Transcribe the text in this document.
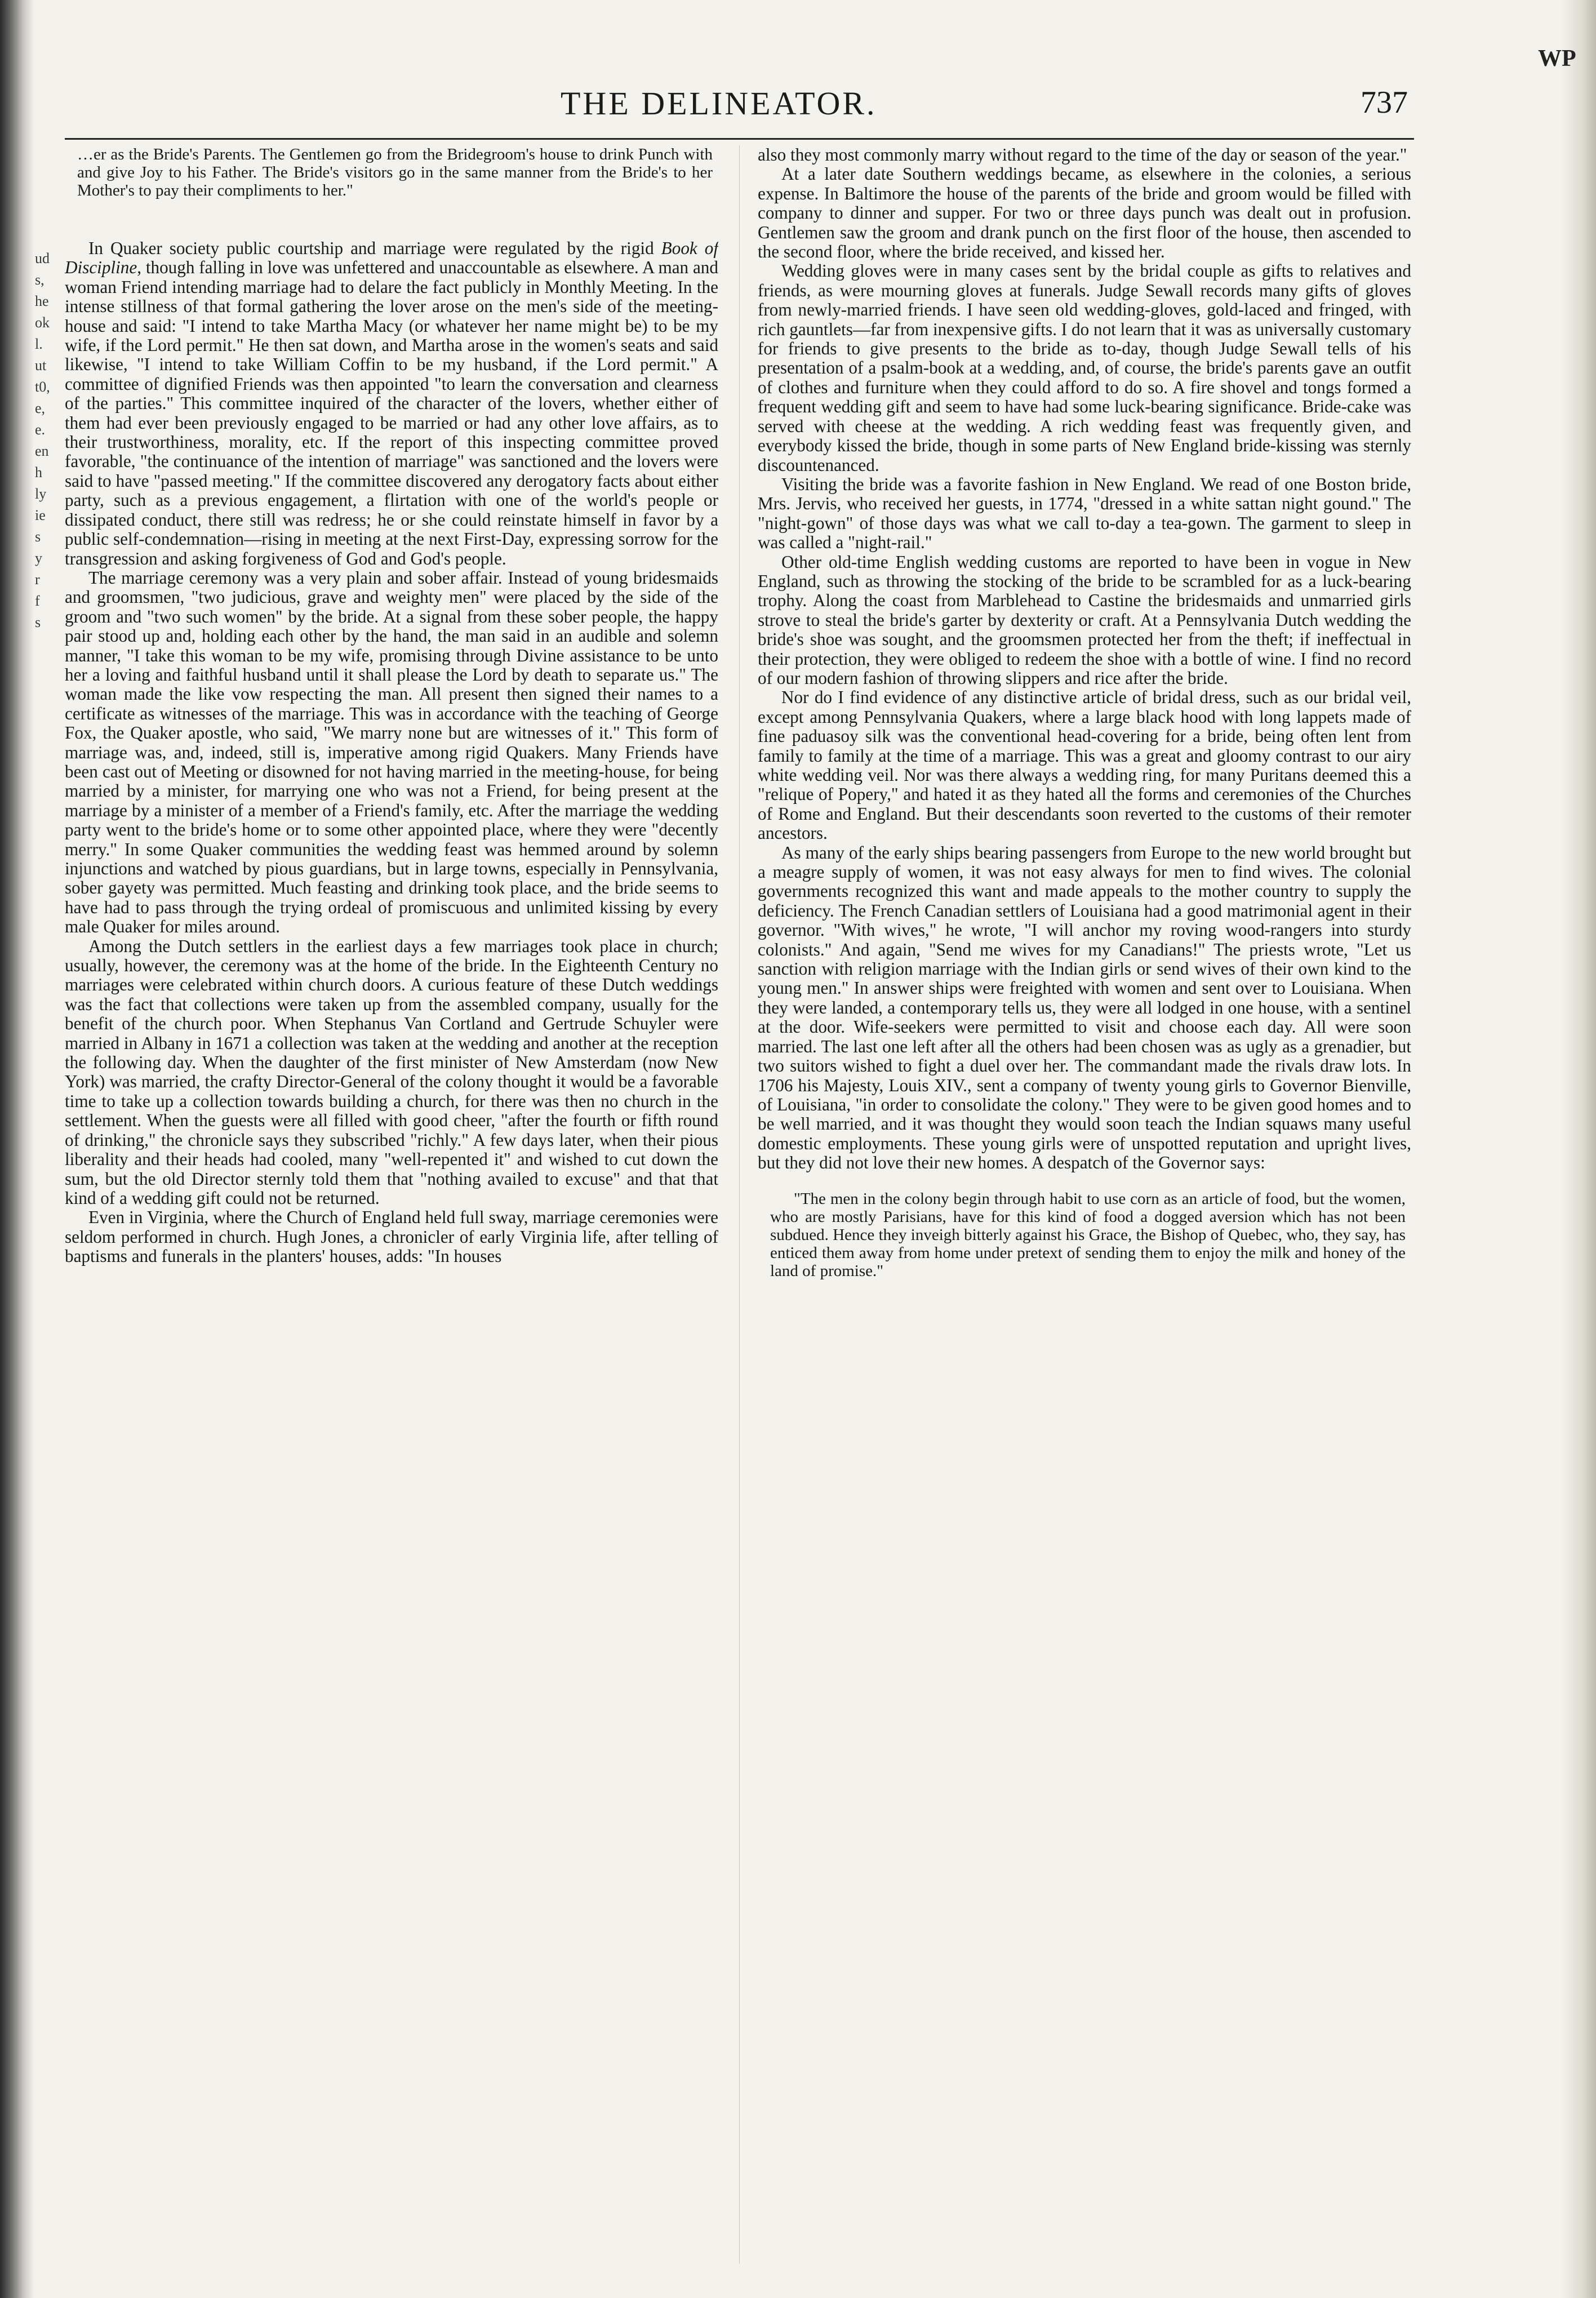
ud
s,
he
ok
l.
ut
t0,
e,
e.
en
h
ly
ie
s
y
r
f
s
WP
THE DELINEATOR.	737

…er as the Bride's Parents. The Gentlemen go from the Bridegroom's house to drink Punch with and give Joy to his Father. The Bride's visitors go in the same manner from the Bride's to her Mother's to pay their compliments to her."

In Quaker society public courtship and marriage were regulated by the rigid Book of Discipline, though falling in love was unfettered and unaccountable as elsewhere. A man and woman Friend intending marriage had to delare the fact publicly in Monthly Meeting. In the intense stillness of that formal gathering the lover arose on the men's side of the meeting-house and said: "I intend to take Martha Macy (or whatever her name might be) to be my wife, if the Lord permit." He then sat down, and Martha arose in the women's seats and said likewise, "I intend to take William Coffin to be my husband, if the Lord permit." A committee of dignified Friends was then appointed "to learn the conversation and clearness of the parties." This committee inquired of the character of the lovers, whether either of them had ever been previously engaged to be married or had any other love affairs, as to their trustworthiness, morality, etc. If the report of this inspecting committee proved favorable, "the continuance of the intention of marriage" was sanctioned and the lovers were said to have "passed meeting." If the committee discovered any derogatory facts about either party, such as a previous engagement, a flirtation with one of the world's people or dissipated conduct, there still was redress; he or she could reinstate himself in favor by a public self-condemnation—rising in meeting at the next First-Day, expressing sorrow for the transgression and asking forgiveness of God and God's people.

The marriage ceremony was a very plain and sober affair. Instead of young bridesmaids and groomsmen, "two judicious, grave and weighty men" were placed by the side of the groom and "two such women" by the bride. At a signal from these sober people, the happy pair stood up and, holding each other by the hand, the man said in an audible and solemn manner, "I take this woman to be my wife, promising through Divine assistance to be unto her a loving and faithful husband until it shall please the Lord by death to separate us." The woman made the like vow respecting the man. All present then signed their names to a certificate as witnesses of the marriage. This was in accordance with the teaching of George Fox, the Quaker apostle, who said, "We marry none but are witnesses of it." This form of marriage was, and, indeed, still is, imperative among rigid Quakers. Many Friends have been cast out of Meeting or disowned for not having married in the meeting-house, for being married by a minister, for marrying one who was not a Friend, for being present at the marriage by a minister of a member of a Friend's family, etc. After the marriage the wedding party went to the bride's home or to some other appointed place, where they were "decently merry." In some Quaker communities the wedding feast was hemmed around by solemn injunctions and watched by pious guardians, but in large towns, especially in Pennsylvania, sober gayety was permitted. Much feasting and drinking took place, and the bride seems to have had to pass through the trying ordeal of promiscuous and unlimited kissing by every male Quaker for miles around.

Among the Dutch settlers in the earliest days a few marriages took place in church; usually, however, the ceremony was at the home of the bride. In the Eighteenth Century no marriages were celebrated within church doors. A curious feature of these Dutch weddings was the fact that collections were taken up from the assembled company, usually for the benefit of the church poor. When Stephanus Van Cortland and Gertrude Schuyler were married in Albany in 1671 a collection was taken at the wedding and another at the reception the following day. When the daughter of the first minister of New Amsterdam (now New York) was married, the crafty Director-General of the colony thought it would be a favorable time to take up a collection towards building a church, for there was then no church in the settlement. When the guests were all filled with good cheer, "after the fourth or fifth round of drinking," the chronicle says they subscribed "richly." A few days later, when their pious liberality and their heads had cooled, many "well-repented it" and wished to cut down the sum, but the old Director sternly told them that "nothing availed to excuse" and that that kind of a wedding gift could not be returned.

Even in Virginia, where the Church of England held full sway, marriage ceremonies were seldom performed in church. Hugh Jones, a chronicler of early Virginia life, after telling of baptisms and funerals in the planters' houses, adds: "In houses

also they most commonly marry without regard to the time of the day or season of the year."

At a later date Southern weddings became, as elsewhere in the colonies, a serious expense. In Baltimore the house of the parents of the bride and groom would be filled with company to dinner and supper. For two or three days punch was dealt out in profusion. Gentlemen saw the groom and drank punch on the first floor of the house, then ascended to the second floor, where the bride received, and kissed her.

Wedding gloves were in many cases sent by the bridal couple as gifts to relatives and friends, as were mourning gloves at funerals. Judge Sewall records many gifts of gloves from newly-married friends. I have seen old wedding-gloves, gold-laced and fringed, with rich gauntlets—far from inexpensive gifts. I do not learn that it was as universally customary for friends to give presents to the bride as to-day, though Judge Sewall tells of his presentation of a psalm-book at a wedding, and, of course, the bride's parents gave an outfit of clothes and furniture when they could afford to do so. A fire shovel and tongs formed a frequent wedding gift and seem to have had some luck-bearing significance. Bride-cake was served with cheese at the wedding. A rich wedding feast was frequently given, and everybody kissed the bride, though in some parts of New England bride-kissing was sternly discountenanced.

Visiting the bride was a favorite fashion in New England. We read of one Boston bride, Mrs. Jervis, who received her guests, in 1774, "dressed in a white sattan night gound." The "night-gown" of those days was what we call to-day a tea-gown. The garment to sleep in was called a "night-rail."

Other old-time English wedding customs are reported to have been in vogue in New England, such as throwing the stocking of the bride to be scrambled for as a luck-bearing trophy. Along the coast from Marblehead to Castine the bridesmaids and unmarried girls strove to steal the bride's garter by dexterity or craft. At a Pennsylvania Dutch wedding the bride's shoe was sought, and the groomsmen protected her from the theft; if ineffectual in their protection, they were obliged to redeem the shoe with a bottle of wine. I find no record of our modern fashion of throwing slippers and rice after the bride.

Nor do I find evidence of any distinctive article of bridal dress, such as our bridal veil, except among Pennsylvania Quakers, where a large black hood with long lappets made of fine paduasoy silk was the conventional head-covering for a bride, being often lent from family to family at the time of a marriage. This was a great and gloomy contrast to our airy white wedding veil. Nor was there always a wedding ring, for many Puritans deemed this a "relique of Popery," and hated it as they hated all the forms and ceremonies of the Churches of Rome and England. But their descendants soon reverted to the customs of their remoter ancestors.

As many of the early ships bearing passengers from Europe to the new world brought but a meagre supply of women, it was not easy always for men to find wives. The colonial governments recognized this want and made appeals to the mother country to supply the deficiency. The French Canadian settlers of Louisiana had a good matrimonial agent in their governor. "With wives," he wrote, "I will anchor my roving wood-rangers into sturdy colonists." And again, "Send me wives for my Canadians!" The priests wrote, "Let us sanction with religion marriage with the Indian girls or send wives of their own kind to the young men." In answer ships were freighted with women and sent over to Louisiana. When they were landed, a contemporary tells us, they were all lodged in one house, with a sentinel at the door. Wife-seekers were permitted to visit and choose each day. All were soon married. The last one left after all the others had been chosen was as ugly as a grenadier, but two suitors wished to fight a duel over her. The commandant made the rivals draw lots. In 1706 his Majesty, Louis XIV., sent a company of twenty young girls to Governor Bienville, of Louisiana, "in order to consolidate the colony." They were to be given good homes and to be well married, and it was thought they would soon teach the Indian squaws many useful domestic employments. These young girls were of unspotted reputation and upright lives, but they did not love their new homes. A despatch of the Governor says:

"The men in the colony begin through habit to use corn as an article of food, but the women, who are mostly Parisians, have for this kind of food a dogged aversion which has not been subdued. Hence they inveigh bitterly against his Grace, the Bishop of Quebec, who, they say, has enticed them away from home under pretext of sending them to enjoy the milk and honey of the land of promise."
